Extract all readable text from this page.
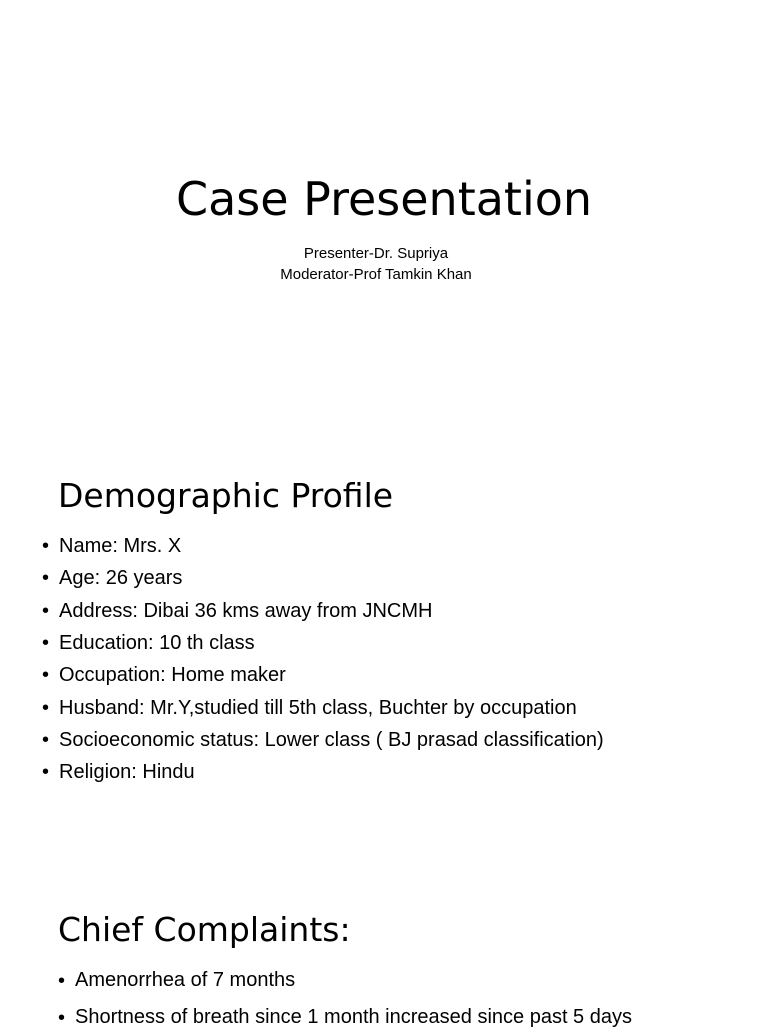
Case Presentation
Presenter-Dr. Supriya
Moderator-Prof Tamkin Khan
Demographic Profile
• Name: Mrs. X
• Age: 26 years
• Address: Dibai 36 kms away from JNCMH
• Education: 10 th class
• Occupation: Home maker
• Husband: Mr.Y,studied till 5th class, Buchter by occupation
• Socioeconomic status: Lower class ( BJ prasad classification)
• Religion: Hindu
Chief Complaints:
• Amenorrhea of 7 months
• Shortness of breath since 1 month increased since past 5 days
